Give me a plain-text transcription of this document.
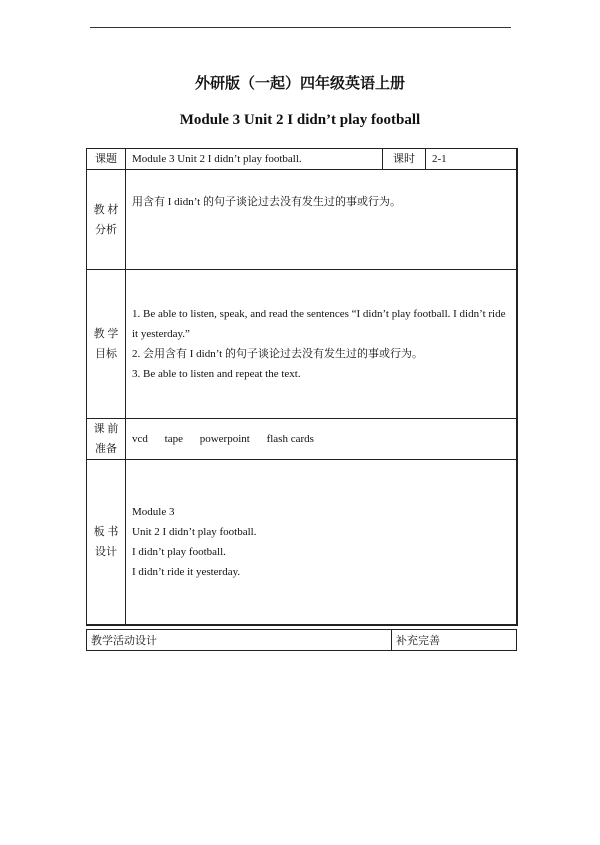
外研版（一起）四年级英语上册
Module 3 Unit 2 I didn’t play football
课题	Module 3 Unit 2 I didn’t play football.	课时	2-1
教 材 分析	用含有 I didn’t 的句子谈论过去没有发生过的事或行为。		
教 学 目标	1. Be able to listen, speak, and read the sentences “I didn’t play football. I didn’t ride it yesterday.”
2. 会用含有 I didn’t 的句子谈论过去没有发生过的事或行为。
3. Be able to listen and repeat the text.		

课 前 准备	vcd tape powerpoint flash cards		
板 书 设计	Module 3
Unit 2 I didn’t play football.
I didn’t play football.
I didn’t ride it yesterday.		
教学活动设计	补充完善
